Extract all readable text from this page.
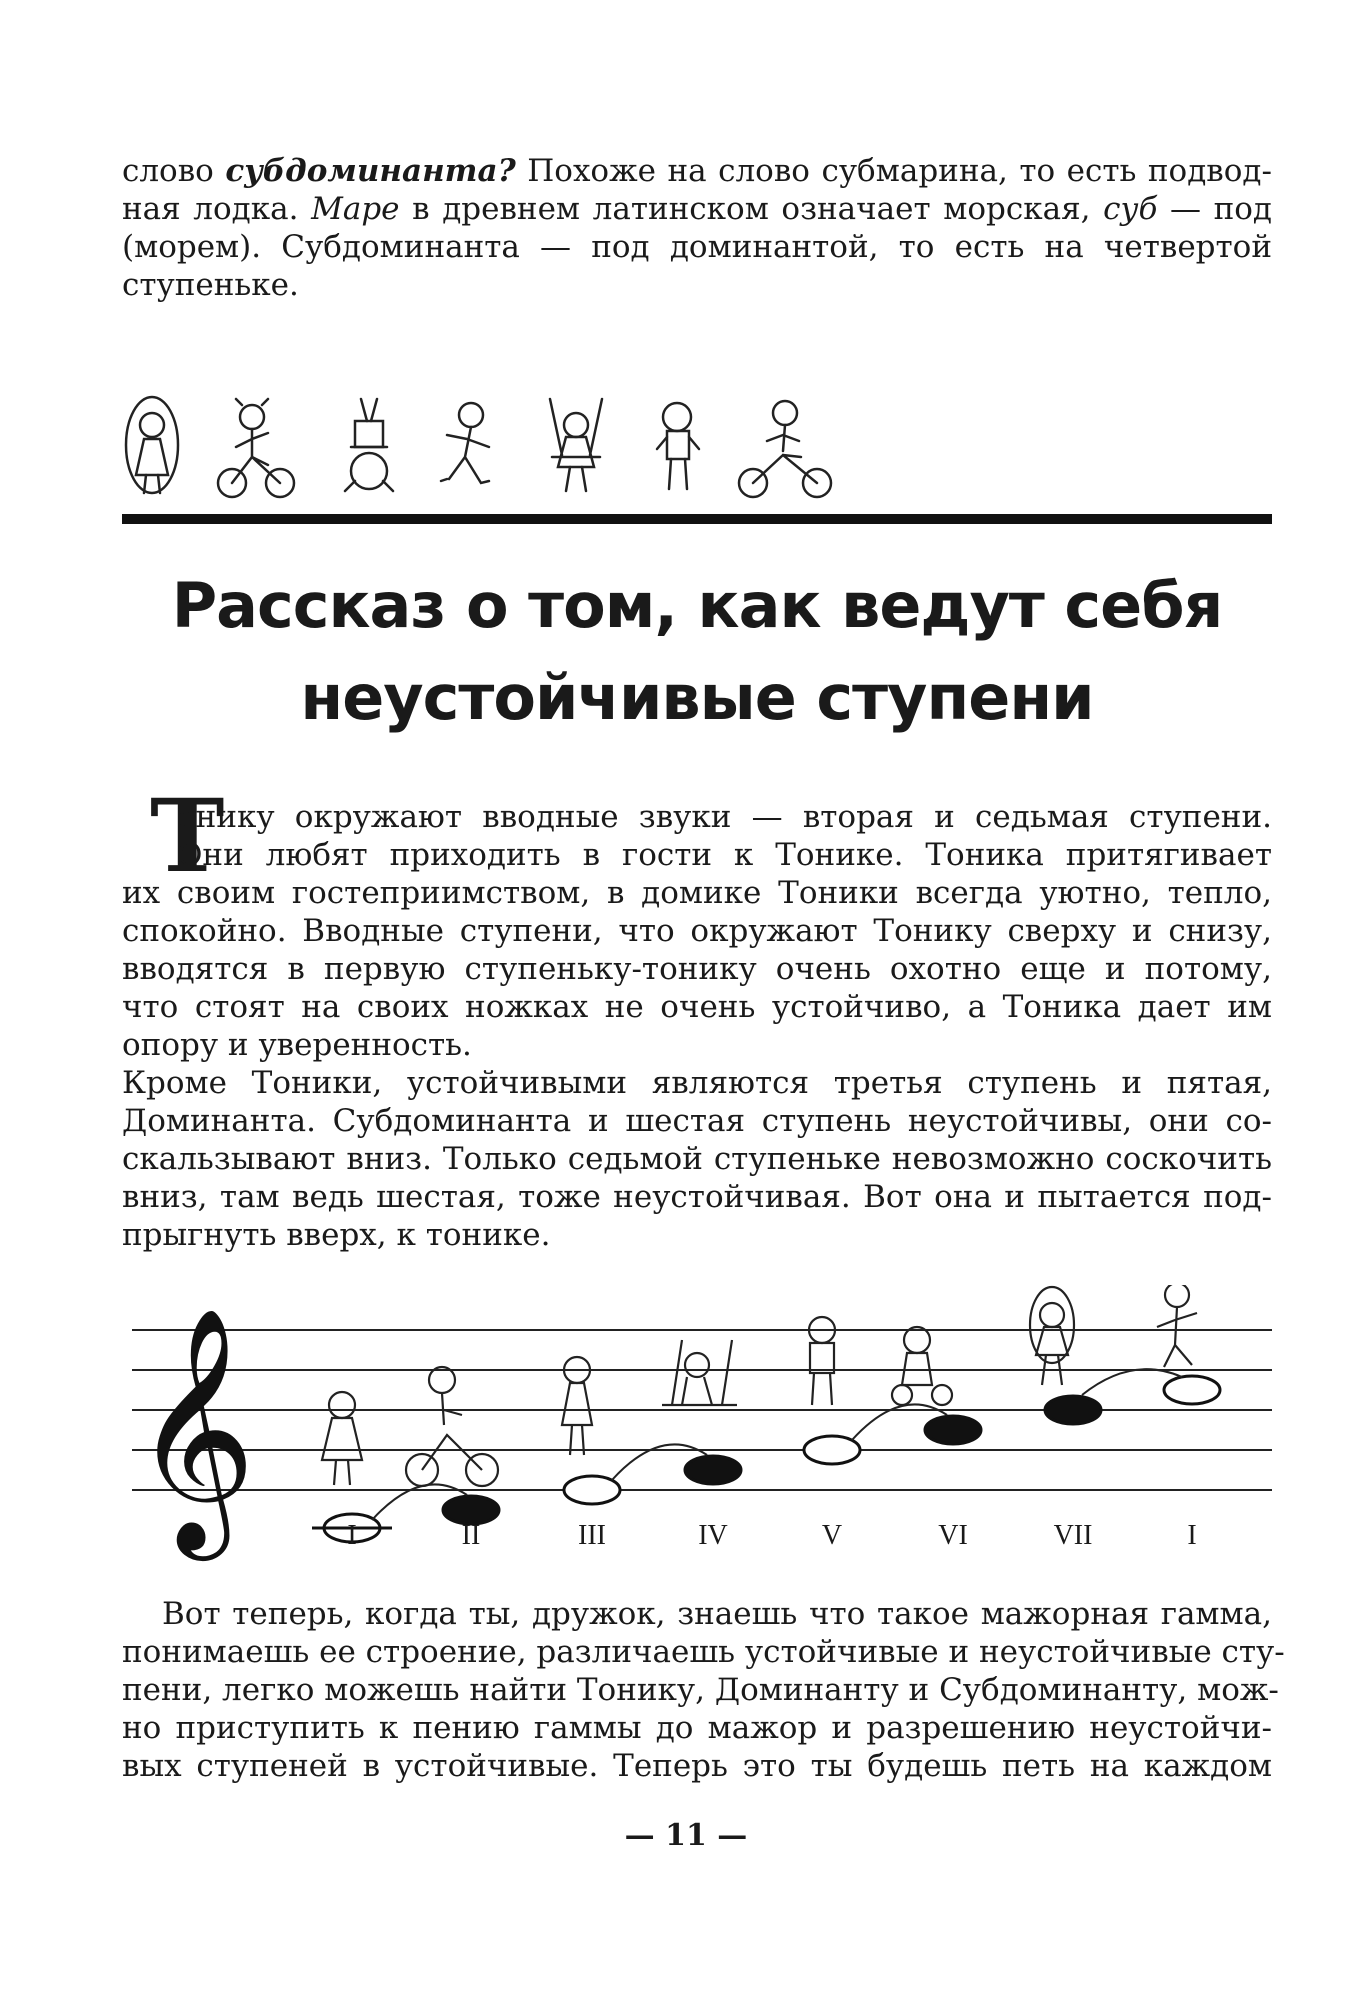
слово субдоминанта? Похоже на слово субмарина, то есть подвод-
ная лодка. Маре в древнем латинском означает морская, суб — под
(морем). Субдоминанта — под доминантой, то есть на четвертой
ступеньке.
Рассказ о том, как ведут себя
неустойчивые ступени
Т
онику окружают вводные звуки — вторая и седьмая ступени.
Они любят приходить в гости к Тонике. Тоника притягивает
их своим гостеприимством, в домике Тоники всегда уютно, тепло,
спокойно. Вводные ступени, что окружают Тонику сверху и снизу,
вводятся в первую ступеньку-тонику очень охотно еще и потому,
что стоят на своих ножках не очень устойчиво, а Тоника дает им
опору и уверенность.
Кроме Тоники, устойчивыми являются третья ступень и пятая,
Доминанта. Субдоминанта и шестая ступень неустойчивы, они со-
скальзывают вниз. Только седьмой ступеньке невозможно соскочить
вниз, там ведь шестая, тоже неустойчивая. Вот она и пытается под-
прыгнуть вверх, к тонике.
𝄞	I	II	III	IV	V	VI	VII	I
Вот теперь, когда ты, дружок, знаешь что такое мажорная гамма,
понимаешь ее строение, различаешь устойчивые и неустойчивые сту-
пени, легко можешь найти Тонику, Доминанту и Субдоминанту, мож-
но приступить к пению гаммы до мажор и разрешению неустойчи-
вых ступеней в устойчивые. Теперь это ты будешь петь на каждом
— 11 —
